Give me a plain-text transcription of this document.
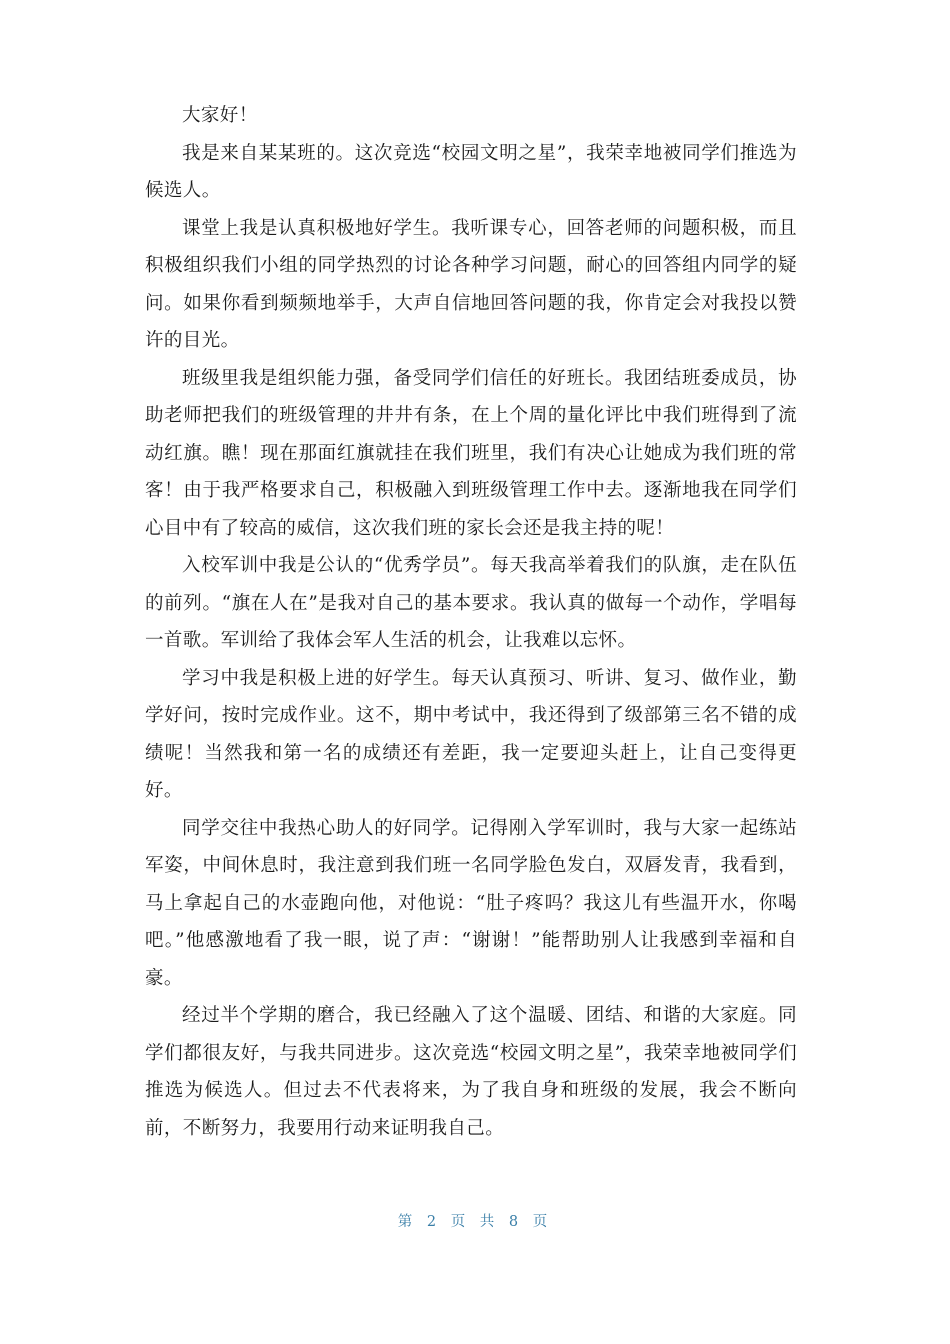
大家好！

我是来自某某班的。这次竞选“校园文明之星”，我荣幸地被同学们推选为候选人。

课堂上我是认真积极地好学生。我听课专心，回答老师的问题积极，而且积极组织我们小组的同学热烈的讨论各种学习问题，耐心的回答组内同学的疑问。如果你看到频频地举手，大声自信地回答问题的我，你肯定会对我投以赞许的目光。

班级里我是组织能力强，备受同学们信任的好班长。我团结班委成员，协助老师把我们的班级管理的井井有条，在上个周的量化评比中我们班得到了流动红旗。瞧！现在那面红旗就挂在我们班里，我们有决心让她成为我们班的常客！由于我严格要求自己，积极融入到班级管理工作中去。逐渐地我在同学们心目中有了较高的威信，这次我们班的家长会还是我主持的呢！

入校军训中我是公认的“优秀学员”。每天我高举着我们的队旗，走在队伍的前列。“旗在人在”是我对自己的基本要求。我认真的做每一个动作，学唱每一首歌。军训给了我体会军人生活的机会，让我难以忘怀。

学习中我是积极上进的好学生。每天认真预习、听讲、复习、做作业，勤学好问，按时完成作业。这不，期中考试中，我还得到了级部第三名不错的成绩呢！当然我和第一名的成绩还有差距，我一定要迎头赶上，让自己变得更好。

同学交往中我热心助人的好同学。记得刚入学军训时，我与大家一起练站军姿，中间休息时，我注意到我们班一名同学脸色发白，双唇发青，我看到，马上拿起自己的水壶跑向他，对他说：“肚子疼吗？我这儿有些温开水，你喝吧。”他感激地看了我一眼，说了声：“谢谢！”能帮助别人让我感到幸福和自豪。

经过半个学期的磨合，我已经融入了这个温暖、团结、和谐的大家庭。同学们都很友好，与我共同进步。这次竞选“校园文明之星”，我荣幸地被同学们推选为候选人。但过去不代表将来，为了我自身和班级的发展，我会不断向前，不断努力，我要用行动来证明我自己。

第 2 页 共 8 页
